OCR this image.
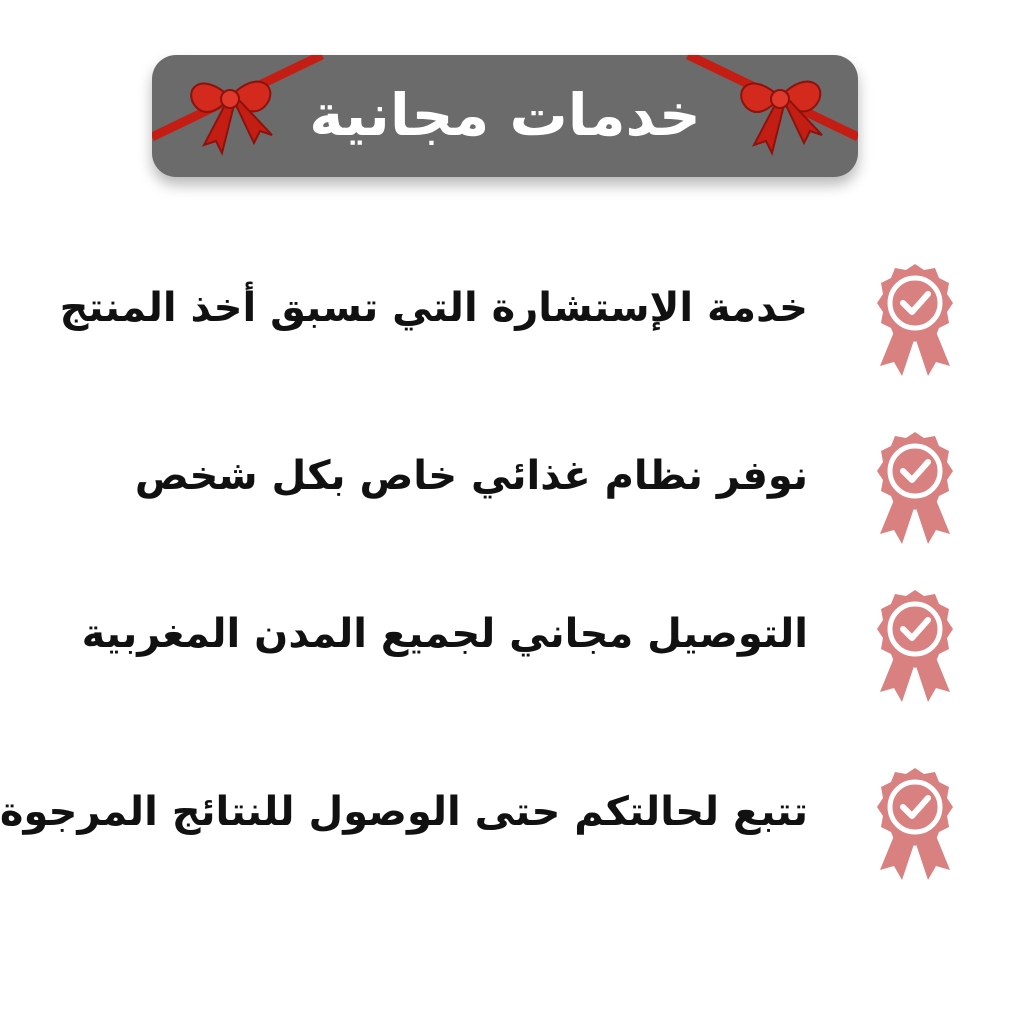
خدمات مجانية
خدمة الإستشارة التي تسبق أخذ المنتج
نوفر نظام غذائي خاص بكل شخص
التوصيل مجاني لجميع المدن المغربية
تتبع لحالتكم حتى الوصول للنتائج المرجوة
